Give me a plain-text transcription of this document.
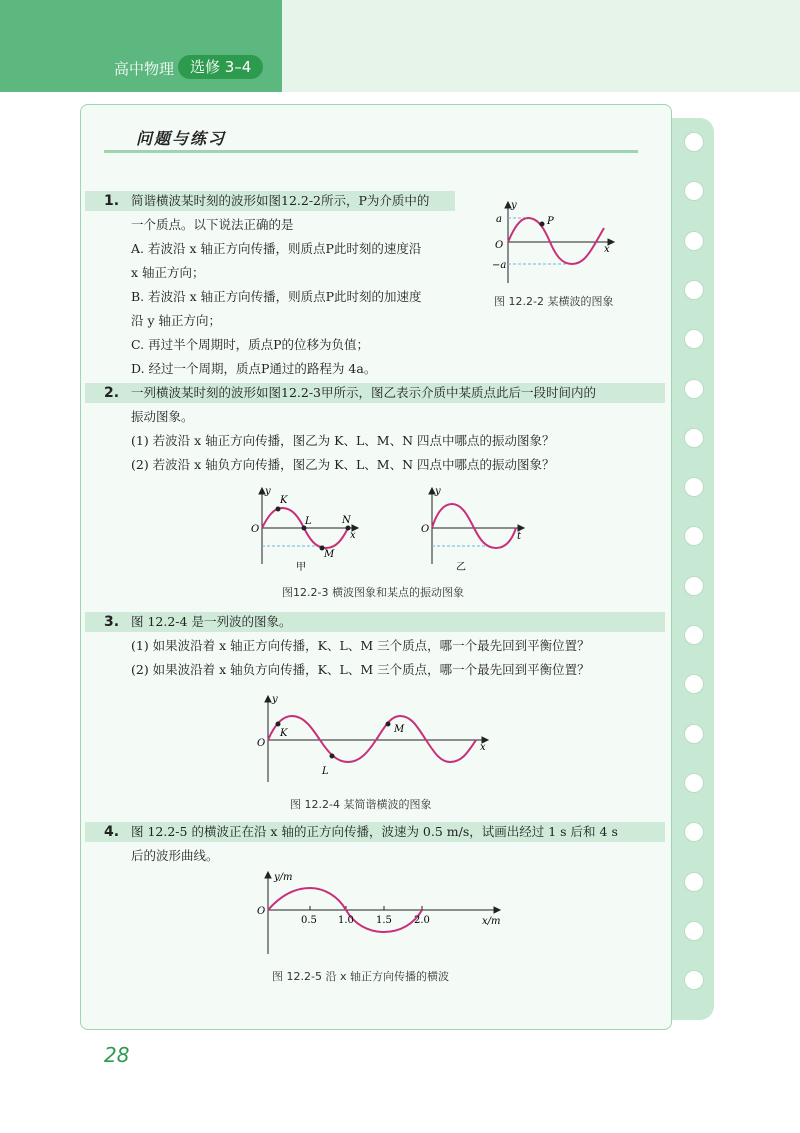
高中物理	选修 3–4
问题与练习
1. 简谐横波某时刻的波形如图12.2-2所示，P为介质中的
一个质点。以下说法正确的是
A. 若波沿 x 轴正方向传播，则质点P此时刻的速度沿
x 轴正方向；
B. 若波沿 x 轴正方向传播，则质点P此时刻的加速度
沿 y 轴正方向；
C. 再过半个周期时，质点P的位移为负值；
D. 经过一个周期，质点P通过的路程为 4a。
y
x
O
a
−a
P
图 12.2-2 某横波的图象
2. 一列横波某时刻的波形如图12.2-3甲所示，图乙表示介质中某质点此后一段时间内的
振动图象。
(1) 若波沿 x 轴正方向传播，图乙为 K、L、M、N 四点中哪点的振动图象？
(2) 若波沿 x 轴负方向传播，图乙为 K、L、M、N 四点中哪点的振动图象？
y
x
O
K
L
M
N
甲
y
t
O
乙
图12.2-3 横波图象和某点的振动图象
3. 图 12.2-4 是一列波的图象。
(1) 如果波沿着 x 轴正方向传播，K、L、M 三个质点，哪一个最先回到平衡位置？
(2) 如果波沿着 x 轴负方向传播，K、L、M 三个质点，哪一个最先回到平衡位置？
y
x
O
K
L
M
图 12.2-4 某简谐横波的图象
4. 图 12.2-5 的横波正在沿 x 轴的正方向传播，波速为 0.5 m/s，试画出经过 1 s 后和 4 s
后的波形曲线。
y/m
x/m
O
0.5 1.0 1.5 2.0
图 12.2-5 沿 x 轴正方向传播的横波
28
